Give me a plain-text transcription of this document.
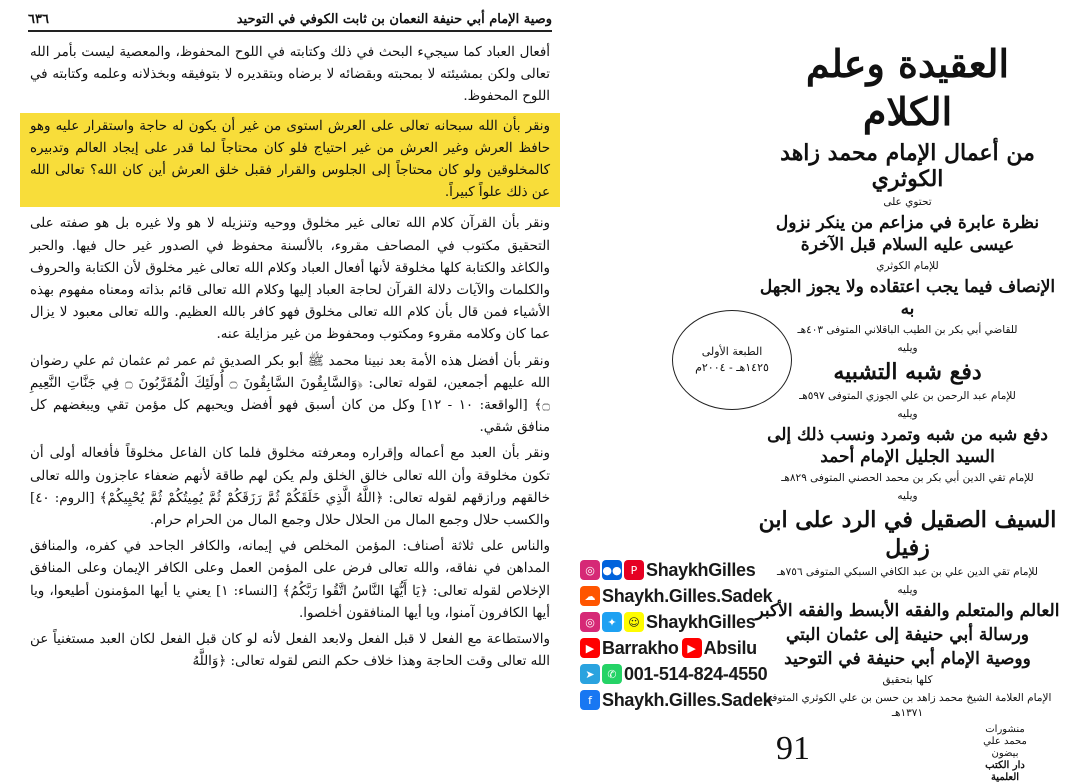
وصية الإمام أبي حنيفة النعمان بن ثابت الكوفي في التوحيد
٦٣٦

أفعال العباد كما سيجيء البحث في ذلك وكتابته في اللوح المحفوظ، والمعصية ليست بأمر الله تعالى ولكن بمشيئته لا بمحبته وبقضائه لا برضاه وبتقديره لا بتوفيقه وبخذلانه وعلمه وكتابته في اللوح المحفوظ.

ونقر بأن الله سبحانه تعالى على العرش استوى من غير أن يكون له حاجة واستقرار عليه وهو حافظ العرش وغير العرش من غير احتياج فلو كان محتاجاً لما قدر على إيجاد العالم وتدبيره كالمخلوقين ولو كان محتاجاً إلى الجلوس والقرار فقبل خلق العرش أين كان الله؟ تعالى الله عن ذلك علواً كبيراً.

ونقر بأن القرآن كلام الله تعالى غير مخلوق ووحيه وتنزيله لا هو ولا غيره بل هو صفته على التحقيق مكتوب في المصاحف مقروء، بالألسنة محفوظ في الصدور غير حال فيها. والحبر والكاغد والكتابة كلها مخلوقة لأنها أفعال العباد وكلام الله تعالى غير مخلوق لأن الكتابة والحروف والكلمات والآيات دلالة القرآن لحاجة العباد إليها وكلام الله تعالى قائم بذاته ومعناه مفهوم بهذه الأشياء فمن قال بأن كلام الله تعالى مخلوق فهو كافر بالله العظيم. والله تعالى معبود لا يزال عما كان وكلامه مقروء ومكتوب ومحفوظ من غير مزايلة عنه.

ونقر بأن أفضل هذه الأمة بعد نبينا محمد ﷺ أبو بكر الصديق ثم عمر ثم عثمان ثم علي رضوان الله عليهم أجمعين، لقوله تعالى: ﴿وَالسَّابِقُونَ السَّابِقُونَ ۝ أُولَئِكَ الْمُقَرَّبُونَ ۝ فِي جَنَّاتِ النَّعِيمِ ۝﴾ [الواقعة: ١٠ - ١٢] وكل من كان أسبق فهو أفضل ويحبهم كل مؤمن تقي ويبغضهم كل منافق شقي.

ونقر بأن العبد مع أعماله وإقراره ومعرفته مخلوق فلما كان الفاعل مخلوقاً فأفعاله أولى أن تكون مخلوقة وأن الله تعالى خالق الخلق ولم يكن لهم طاقة لأنهم ضعفاء عاجزون والله تعالى خالقهم ورازقهم لقوله تعالى: ﴿اللَّهُ الَّذِي خَلَقَكُمْ ثُمَّ رَزَقَكُمْ ثُمَّ يُمِيتُكُمْ ثُمَّ يُحْيِيكُمْ﴾ [الروم: ٤٠] والكسب حلال وجمع المال من الحلال حلال وجمع المال من الحرام حرام.

والناس على ثلاثة أصناف: المؤمن المخلص في إيمانه، والكافر الجاحد في كفره، والمنافق المداهن في نفاقه، والله تعالى فرض على المؤمن العمل وعلى الكافر الإيمان وعلى المنافق الإخلاص لقوله تعالى: ﴿يَا أَيُّهَا النَّاسُ اتَّقُوا رَبَّكُمُ﴾ [النساء: ١] يعني يا أيها المؤمنون أطيعوا، ويا أيها الكافرون آمنوا، ويا أيها المنافقون أخلصوا.

والاستطاعة مع الفعل لا قبل الفعل ولابعد الفعل لأنه لو كان قبل الفعل لكان العبد مستغنياً عن الله تعالى وقت الحاجة وهذا خلاف حكم النص لقوله تعالى: ﴿وَاللَّهُ

العقيدة وعلم الكلام
من أعمال الإمام محمد زاهد الكوثري
تحتوي على
نظرة عابرة في مزاعم من ينكر نزول عيسى عليه السلام قبل الآخرة
للإمام الكوثري
الإنصاف فيما يجب اعتقاده ولا يجوز الجهل به
للقاضي أبي بكر بن الطيب الباقلاني المتوفى ٤٠٣هـ
ويليه
دفع شبه التشبيه
للإمام عبد الرحمن بن علي الجوزي المتوفى ٥٩٧هـ
ويليه
دفع شبه من شبه وتمرد ونسب ذلك إلى السيد الجليل الإمام أحمد
للإمام تقي الدين أبي بكر بن محمد الحصني المتوفى ٨٢٩هـ
ويليه
السيف الصقيل في الرد على ابن زفيل
للإمام تقي الدين علي بن عبد الكافي السبكي المتوفى ٧٥٦هـ
ويليه
العالم والمتعلم والفقه الأبسط والفقه الأكبر
ورسالة أبي حنيفة إلى عثمان البتي
ووصية الإمام أبي حنيفة في التوحيد
كلها بتحقيق
الإمام العلامة الشيخ محمد زاهد بن حسن بن علي الكوثري المتوفى ١٣٧١هـ
الطبعة الأولى
١٤٢٥هـ - ٢٠٠٤م
◎ ●● P ShaykhGilles
☁ Shaykh.Gilles.Sadek
◎	✦	☺ ShaykhGilles
▶ Barrakho ▶ Absilu
➤	✆ 001-514-824-4550
f Shaykh.Gilles.Sadek
91
منشورات
محمد علي بيضون
دار الكتب العلمية
